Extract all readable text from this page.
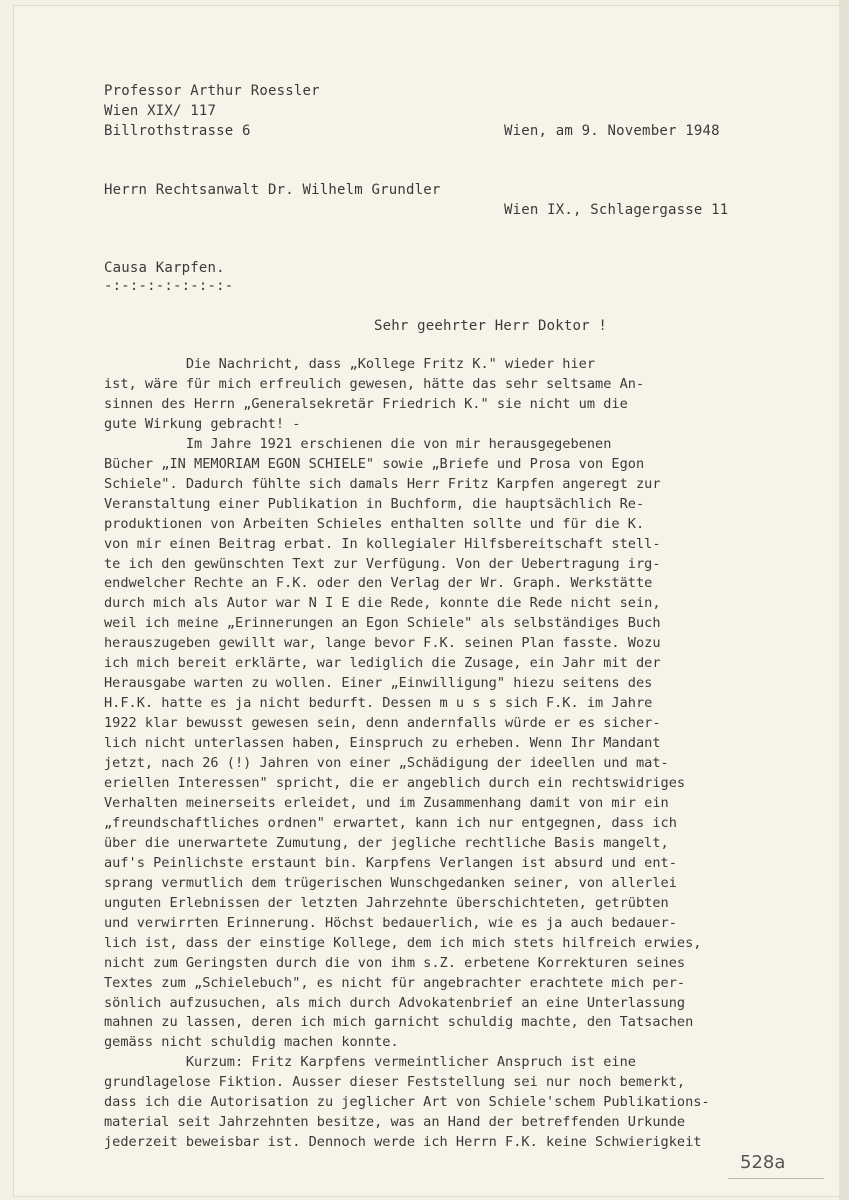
Professor Arthur Roessler
Wien XIX/ 117
Billrothstrasse 6	Wien, am 9. November 1948
Herrn Rechtsanwalt Dr. Wilhelm Grundler
Wien IX., Schlagergasse 11
Causa Karpfen.
-:-:-:-:-:-:-:-
Sehr geehrter Herr Doktor !
Die Nachricht, dass „Kollege Fritz K." wieder hier
ist, wäre für mich erfreulich gewesen, hätte das sehr seltsame An-
sinnen des Herrn „Generalsekretär Friedrich K." sie nicht um die
gute Wirkung gebracht! -
Im Jahre 1921 erschienen die von mir herausgegebenen
Bücher „IN MEMORIAM EGON SCHIELE" sowie „Briefe und Prosa von Egon
Schiele". Dadurch fühlte sich damals Herr Fritz Karpfen angeregt zur
Veranstaltung einer Publikation in Buchform, die hauptsächlich Re-
produktionen von Arbeiten Schieles enthalten sollte und für die K.
von mir einen Beitrag erbat. In kollegialer Hilfsbereitschaft stell-
te ich den gewünschten Text zur Verfügung. Von der Uebertragung irg-
endwelcher Rechte an F.K. oder den Verlag der Wr. Graph. Werkstätte
durch mich als Autor war N I E die Rede, konnte die Rede nicht sein,
weil ich meine „Erinnerungen an Egon Schiele" als selbständiges Buch
herauszugeben gewillt war, lange bevor F.K. seinen Plan fasste. Wozu
ich mich bereit erklärte, war lediglich die Zusage, ein Jahr mit der
Herausgabe warten zu wollen. Einer „Einwilligung" hiezu seitens des
H.F.K. hatte es ja nicht bedurft. Dessen m u s s sich F.K. im Jahre
1922 klar bewusst gewesen sein, denn andernfalls würde er es sicher-
lich nicht unterlassen haben, Einspruch zu erheben. Wenn Ihr Mandant
jetzt, nach 26 (!) Jahren von einer „Schädigung der ideellen und mat-
eriellen Interessen" spricht, die er angeblich durch ein rechtswidriges
Verhalten meinerseits erleidet, und im Zusammenhang damit von mir ein
„freundschaftliches ordnen" erwartet, kann ich nur entgegnen, dass ich
über die unerwartete Zumutung, der jegliche rechtliche Basis mangelt,
auf's Peinlichste erstaunt bin. Karpfens Verlangen ist absurd und ent-
sprang vermutlich dem trügerischen Wunschgedanken seiner, von allerlei
unguten Erlebnissen der letzten Jahrzehnte überschichteten, getrübten
und verwirrten Erinnerung. Höchst bedauerlich, wie es ja auch bedauer-
lich ist, dass der einstige Kollege, dem ich mich stets hilfreich erwies,
nicht zum Geringsten durch die von ihm s.Z. erbetene Korrekturen seines
Textes zum „Schielebuch", es nicht für angebrachter erachtete mich per-
sönlich aufzusuchen, als mich durch Advokatenbrief an eine Unterlassung
mahnen zu lassen, deren ich mich garnicht schuldig machte, den Tatsachen
gemäss nicht schuldig machen konnte.
Kurzum: Fritz Karpfens vermeintlicher Anspruch ist eine
grundlagelose Fiktion. Ausser dieser Feststellung sei nur noch bemerkt,
dass ich die Autorisation zu jeglicher Art von Schiele'schem Publikations-
material seit Jahrzehnten besitze, was an Hand der betreffenden Urkunde
jederzeit beweisbar ist. Dennoch werde ich Herrn F.K. keine Schwierigkeit
528a
